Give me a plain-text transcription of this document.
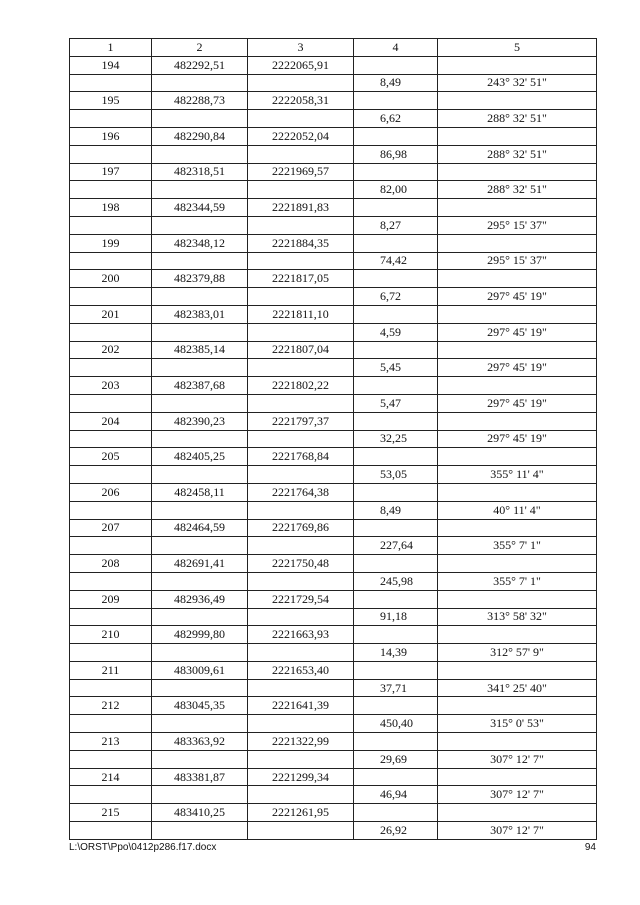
1	2	3	4	5
194	482292,51	2222065,91		
			8,49	243° 32' 51"
195	482288,73	2222058,31		
			6,62	288° 32' 51"
196	482290,84	2222052,04		
			86,98	288° 32' 51"
197	482318,51	2221969,57		
			82,00	288° 32' 51"
198	482344,59	2221891,83		
			8,27	295° 15' 37"
199	482348,12	2221884,35		
			74,42	295° 15' 37"
200	482379,88	2221817,05		
			6,72	297° 45' 19"
201	482383,01	2221811,10		
			4,59	297° 45' 19"
202	482385,14	2221807,04		
			5,45	297° 45' 19"
203	482387,68	2221802,22		
			5,47	297° 45' 19"
204	482390,23	2221797,37		
			32,25	297° 45' 19"
205	482405,25	2221768,84		
			53,05	355° 11' 4"
206	482458,11	2221764,38		
			8,49	40° 11' 4"
207	482464,59	2221769,86		
			227,64	355° 7' 1"
208	482691,41	2221750,48		
			245,98	355° 7' 1"
209	482936,49	2221729,54		
			91,18	313° 58' 32"
210	482999,80	2221663,93		
			14,39	312° 57' 9"
211	483009,61	2221653,40		
			37,71	341° 25' 40"
212	483045,35	2221641,39		
			450,40	315° 0' 53"
213	483363,92	2221322,99		
			29,69	307° 12' 7"
214	483381,87	2221299,34		
			46,94	307° 12' 7"
215	483410,25	2221261,95		
			26,92	307° 12' 7"
L:\ORST\Ppo\0412p286.f17.docx	94
